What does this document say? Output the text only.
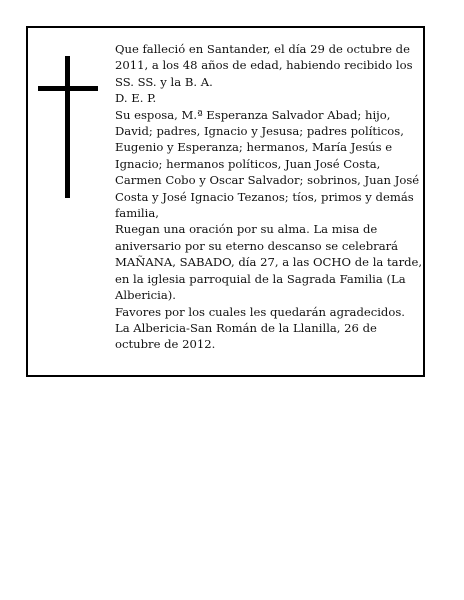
Que falleció en Santander, el día 29 de octubre de 2011, a los 48 años de edad, habiendo recibido los SS. SS. y la B. A.

D. E. P.

Su esposa, M.ª Esperanza Salvador Abad; hijo, David; padres, Ignacio y Jesusa; padres políticos, Eugenio y Esperanza; hermanos, María Jesús e Ignacio; hermanos políticos, Juan José Costa, Carmen Cobo y Oscar Salvador; sobrinos, Juan José Costa y José Ignacio Tezanos; tíos, primos y demás familia,

Ruegan una oración por su alma. La misa de aniversario por su eterno descanso se celebrará MAÑANA, SABADO, día 27, a las OCHO de la tarde, en la iglesia parroquial de la Sagrada Familia (La Albericia).

Favores por los cuales les quedarán agradecidos.

La Albericia-San Román de la Llanilla, 26 de octubre de 2012.
